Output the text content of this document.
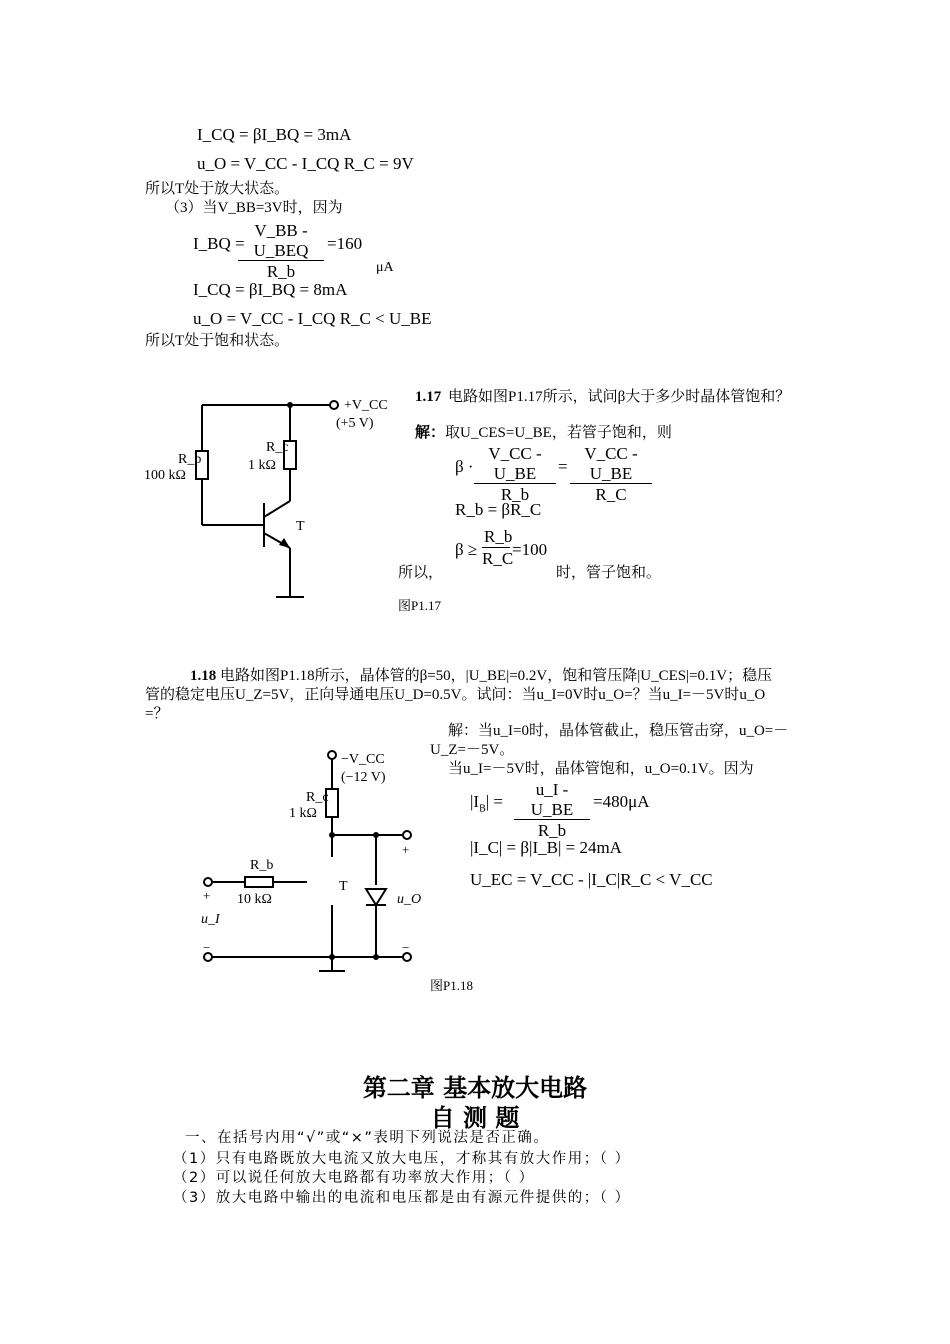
I_CQ = βI_BQ = 3mA
u_O = V_CC - I_CQ R_C = 9V
所以T处于放大状态。
（3）当V_BB=3V时，因为
I_BQ =
V_BB - U_BEQ
R_b
=160
μA
I_CQ = βI_BQ = 8mA
u_O = V_CC - I_CQ R_C < U_BE
所以T处于饱和状态。
+V_CC
(+5 V)
R_b
100 kΩ
R_c
1 kΩ
T
1.17 电路如图P1.17所示，试问β大于多少时晶体管饱和？
解：取U_CES=U_BE，若管子饱和，则
$\beta \cdot \frac{V\_CC - U\_BE}{R\_b} = \frac{V\_CC - U\_BE}{R\_C}$
R_b = βR_C
$\beta \ge \frac{R\_b}{R\_C} =100$
所以，	时，管子饱和。
图P1.17
1.18 电路如图P1.18所示，晶体管的β=50，|U_BE|=0.2V，饱和管压降|U_CES|=0.1V；稳压
管的稳定电压U_Z=5V，正向导通电压U_D=0.5V。试问：当u_I=0V时u_O=？当u_I=－5V时u_O
=？
解：当u_I=0时，晶体管截止，稳压管击穿，u_O=－
U_Z=－5V。
当u_I=－5V时，晶体管饱和，u_O=0.1V。因为
$|I_B| = \frac{u\_I - U\_BE}{R\_b} =480\mu A$
|I_C| = β|I_B| = 24mA
U_EC = V_CC - |I_C|R_C < V_CC
−V_CC
(−12 V)
R_c
1 kΩ
R_b
10 kΩ
T
+
u_I
−
+
u_O
−
图P1.18
第二章 基本放大电路
自 测 题
一、在括号内用“√”或“×”表明下列说法是否正确。
（1）只有电路既放大电流又放大电压，才称其有放大作用；（ ）
（2）可以说任何放大电路都有功率放大作用；（ ）
（3）放大电路中输出的电流和电压都是由有源元件提供的；（ ）
